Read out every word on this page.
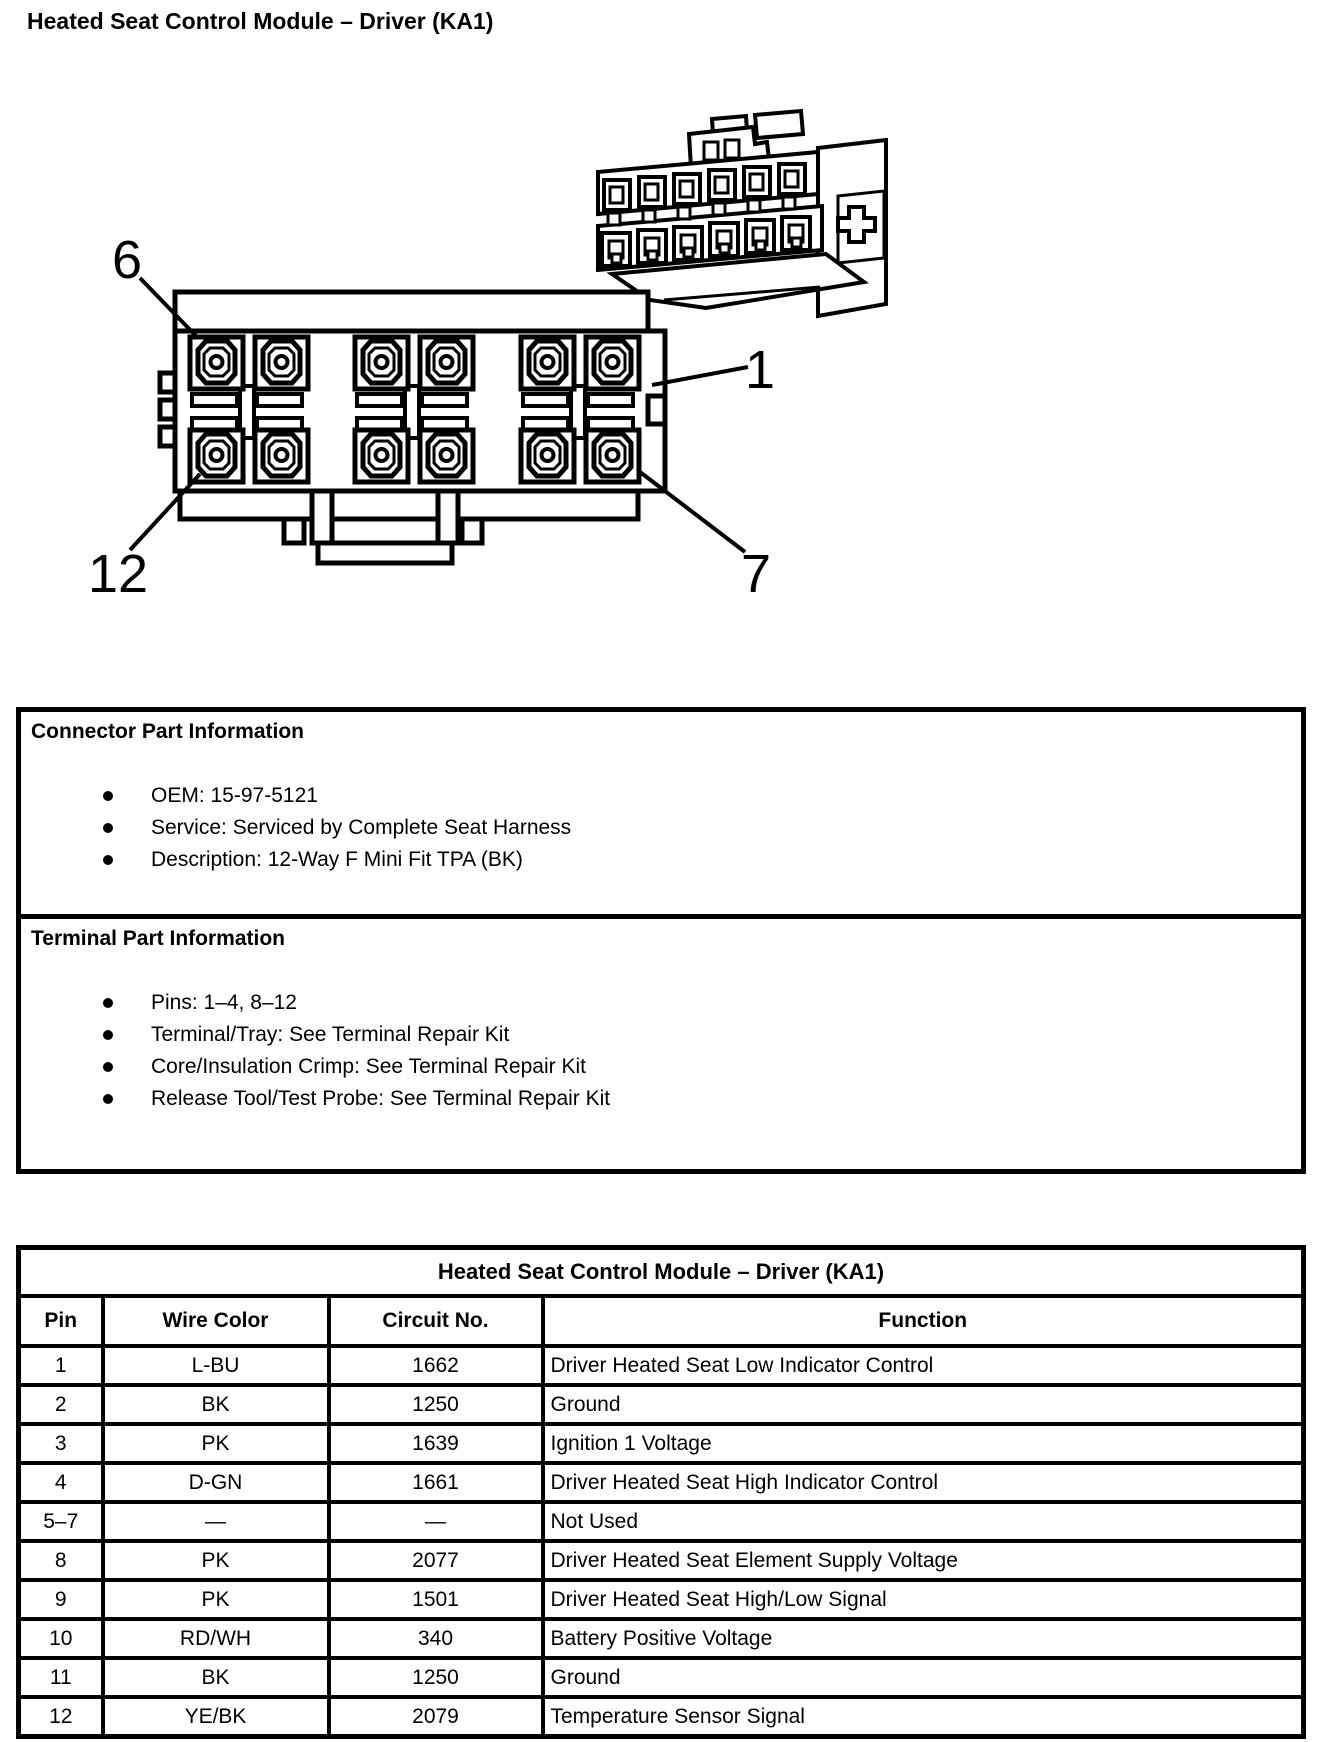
Heated Seat Control Module – Driver (KA1)
6
1
12	7
Connector Part Information
OEM: 15-97-5121
Service: Serviced by Complete Seat Harness
Description: 12-Way F Mini Fit TPA (BK)
Terminal Part Information
Pins: 1–4, 8–12
Terminal/Tray: See Terminal Repair Kit
Core/Insulation Crimp: See Terminal Repair Kit
Release Tool/Test Probe: See Terminal Repair Kit
Heated Seat Control Module – Driver (KA1)			
Pin	Wire Color	Circuit No.	Function
1	L-BU	1662	Driver Heated Seat Low Indicator Control
2	BK	1250	Ground
3	PK	1639	Ignition 1 Voltage
4	D-GN	1661	Driver Heated Seat High Indicator Control
5–7	—	—	Not Used
8	PK	2077	Driver Heated Seat Element Supply Voltage
9	PK	1501	Driver Heated Seat High/Low Signal
10	RD/WH	340	Battery Positive Voltage
11	BK	1250	Ground
12	YE/BK	2079	Temperature Sensor Signal
